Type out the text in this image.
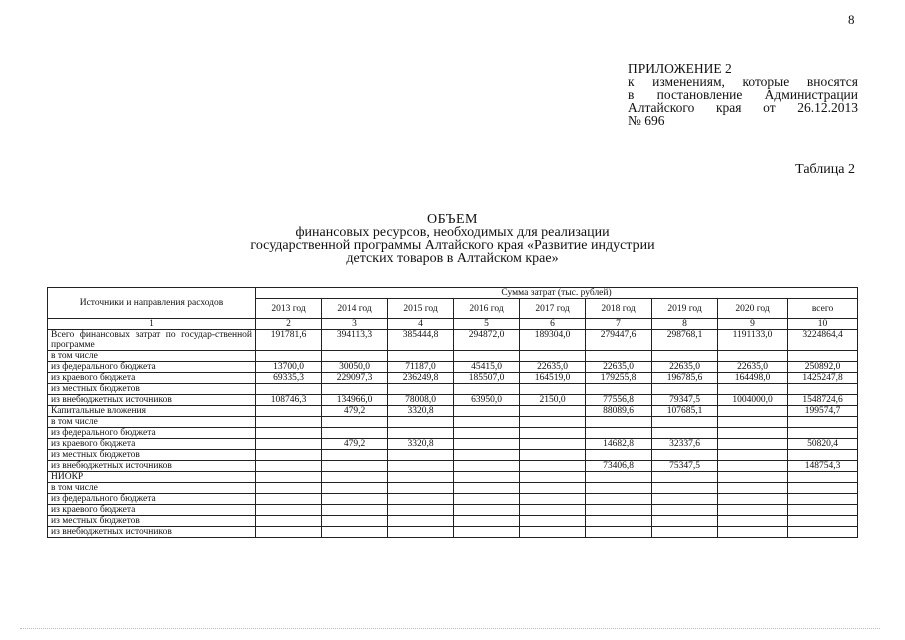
8
ПРИЛОЖЕНИЕ 2
к изменениям, которые вносятся
в постановление Администрации
Алтайского края от 26.12.2013
№ 696
Таблица 2
ОБЪЕМ
финансовых ресурсов, необходимых для реализации
государственной программы Алтайского края «Развитие индустрии
детских товаров в Алтайском крае»
Источники и направления расходов	Сумма затрат (тыс. рублей)								
	2013 год	2014 год	2015 год	2016 год	2017 год	2018 год	2019 год	2020 год	всего
1	2	3	4	5	6	7	8	9	10
Всего финансовых затрат по государ-ственной программе	191781,6	394113,3	385444,8	294872,0	189304,0	279447,6	298768,1	1191133,0	3224864,4
в том числе									
из федерального бюджета	13700,0	30050,0	71187,0	45415,0	22635,0	22635,0	22635,0	22635,0	250892,0
из краевого бюджета	69335,3	229097,3	236249,8	185507,0	164519,0	179255,8	196785,6	164498,0	1425247,8
из местных бюджетов									
из внебюджетных источников	108746,3	134966,0	78008,0	63950,0	2150,0	77556,8	79347,5	1004000,0	1548724,6
Капитальные вложения		479,2	3320,8			88089,6	107685,1		199574,7
в том числе									
из федерального бюджета									
из краевого бюджета		479,2	3320,8			14682,8	32337,6		50820,4
из местных бюджетов									
из внебюджетных источников						73406,8	75347,5		148754,3
НИОКР									
в том числе									
из федерального бюджета									
из краевого бюджета									
из местных бюджетов									
из внебюджетных источников									
